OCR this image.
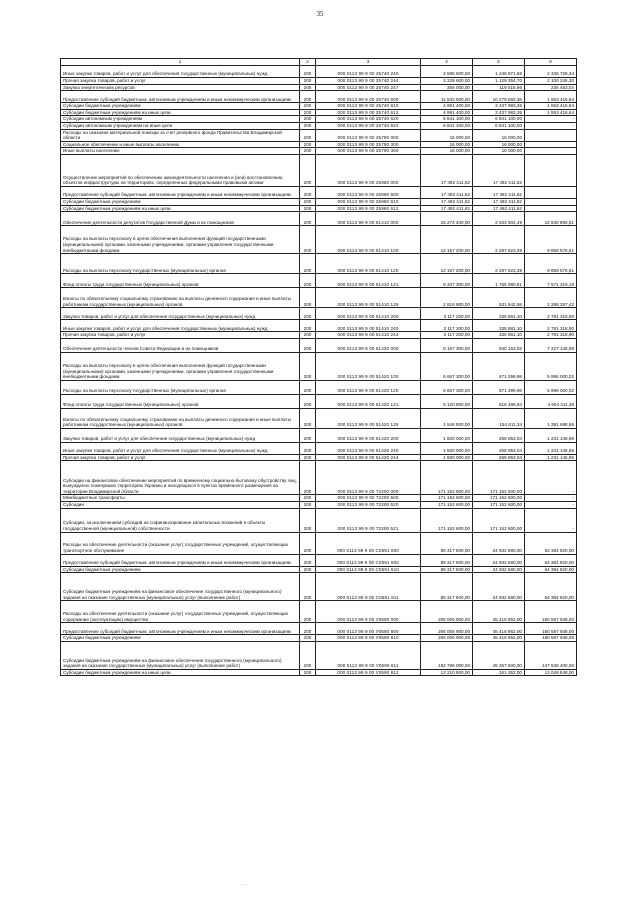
35
1	2	3	4	5	6
Иные закупки товаров, работ и услуг для обеспечения государственных (муниципальных) нужд	200	000 0113 99 9 00 25740 240	3 585 600,00	1 248 871,66	2 336 728,34
Прочая закупка товаров, работ и услуг	200	000 0113 99 9 00 25740 244	3 229 600,00	1 129 354,70	2 100 245,30
Закупка энергетических ресурсов	200	000 0113 99 9 00 25740 247	356 000,00	119 516,96	236 483,04
Предоставление субсидий бюджетным, автономным учреждениям и иным некоммерческим организациям	200	000 0113 99 9 00 25740 600	11 832 500,00	10 279 083,36	1 553 416,64
Субсидии бюджетным учреждениям	200	000 0113 99 9 00 25740 610	4 991 400,00	3 437 983,36	1 553 416,64
Субсидии бюджетным учреждениям на иные цели	200	000 0113 99 9 00 25740 612	4 991 400,00	3 437 983,36	1 553 416,64
Субсидии автономным учреждениям	200	000 0113 99 9 00 25740 620	6 841 100,00	6 841 100,00	-
Субсидии автономным учреждениям на иные цели	200	000 0113 99 9 00 25740 622	6 841 100,00	6 841 100,00	-
Расходы на оказание материальной помощи за счет резервного фонда Правительства Владимирской области	200	000 0113 99 9 00 25790 000	16 000,00	16 000,00	
Социальное обеспечение и иные выплаты населению	200	000 0113 99 9 00 25790 300	16 000,00	16 000,00	
Иные выплаты населению	200	000 0113 99 9 00 25790 360	16 000,00	16 000,00	
Осуществление мероприятий по обеспечению жизнедеятельности населения и (или) восстановлению объектов инфраструктуры на территориях, определенных федеральными правовыми актами	200	000 0113 99 9 00 25960 000	17 492 411,62	17 492 411,62	
Предоставление субсидий бюджетным, автономным учреждениям и иным некоммерческим организациям	200	000 0113 99 9 00 25960 600	17 492 411,62	17 492 411,62	
Субсидии бюджетным учреждениям	200	000 0113 99 9 00 25960 610	17 492 411,62	17 492 411,62	
Субсидии бюджетным учреждениям на иные цели	200	000 0113 99 9 00 25960 612	17 492 411,62	17 492 411,62	
Обеспечение деятельности депутатов Государственной Думы и их помощников	200	000 0113 99 9 00 51410 000	15 274 400,00	2 633 504,49	12 640 895,51
Расходы на выплаты персоналу в целях обеспечения выполнения функций государственными (муниципальными) органами, казенными учреждениями, органами управления государственными внебюджетными фондами	200	000 0113 99 9 00 51410 100	12 157 200,00	2 297 623,39	9 859 576,61
Расходы на выплаты персоналу государственных (муниципальных) органов	200	000 0113 99 9 00 51410 120	12 157 200,00	2 297 623,39	9 859 576,61
Фонд оплаты труда государственных (муниципальных) органов	200	000 0113 99 9 00 51410 121	9 337 300,00	1 765 980,81	7 571 319,19
Взносы по обязательному социальному страхованию на выплаты денежного содержания и иные выплаты работникам государственных (муниципальных) органов	200	000 0113 99 9 00 51410 129	2 819 900,00	531 642,58	2 288 257,42
Закупка товаров, работ и услуг для обеспечения государственных (муниципальных) нужд	200	000 0113 99 9 00 51410 200	3 117 200,00	335 881,10	2 781 318,90
Иные закупки товаров, работ и услуг для обеспечения государственных (муниципальных) нужд	200	000 0113 99 9 00 51410 240	3 117 200,00	335 881,10	2 781 318,90
Прочая закупка товаров, работ и услуг	200	000 0113 99 9 00 51410 244	3 117 200,00	335 881,10	2 781 318,90
Обеспечение деятельности членов Совета Федерации и их помощников	200	000 0113 99 9 00 51420 000	8 167 300,00	940 153,02	7 227 146,98
Расходы на выплаты персоналу в целях обеспечения выполнения функций государственными (муниципальными) органами, казенными учреждениями, органами управления государственными внебюджетными фондами	200	000 0113 99 9 00 51420 100	6 667 300,00	671 299,98	5 996 000,02
Расходы на выплаты персоналу государственных (муниципальных) органов	200	000 0113 99 9 00 51420 120	6 667 300,00	671 299,98	5 996 000,02
Фонд оплаты труда государственных (муниципальных) органов	200	000 0113 99 9 00 51420 121	5 120 800,00	516 488,64	4 604 311,36
Взносы по обязательному социальному страхованию на выплаты денежного содержания и иные выплаты работникам государственных (муниципальных) органов	200	000 0113 99 9 00 51420 129	1 546 500,00	154 811,34	1 391 688,66
Закупка товаров, работ и услуг для обеспечения государственных (муниципальных) нужд	200	000 0113 99 9 00 51420 200	1 500 000,00	268 853,04	1 231 146,96
Иные закупки товаров, работ и услуг для обеспечения государственных (муниципальных) нужд	200	000 0113 99 9 00 51420 240	1 500 000,00	268 853,04	1 231 146,96
Прочая закупка товаров, работ и услуг	200	000 0113 99 9 00 51420 244	1 500 000,00	268 853,04	1 231 146,96
Субсидии на финансовое обеспечение мероприятий по временному социально-бытовому обустройству лиц, вынужденно покинувших территорию Украины и находящихся в пунктах временного размещения на территории Владимирской области	200	000 0113 99 9 00 72200 000	171 152 600,00	171 152 600,00	-
Межбюджетные трансферты	200	000 0113 99 9 00 72200 500	171 152 600,00	171 152 600,00	-
Субсидии	200	000 0113 99 9 00 72200 520	171 152 600,00	171 152 600,00	-
Субсидии, за исключением субсидий на софинансирование капитальных вложений в объекты государственной (муниципальной) собственности	200	000 0113 99 9 00 72200 521	171 152 600,00	171 152 600,00	-
Расходы на обеспечение деятельности (оказание услуг) государственных учреждений, осуществляющих транспортное обслуживание	200	000 0113 99 9 00 С0591 000	89 317 600,00	24 932 680,00	64 384 920,00
Предоставление субсидий бюджетным, автономным учреждениям и иным некоммерческим организациям	200	000 0113 99 9 00 С0591 600	89 317 600,00	24 932 680,00	64 384 920,00
Субсидии бюджетным учреждениям	200	000 0113 99 9 00 С0591 610	89 317 600,00	24 932 680,00	64 384 920,00
Субсидии бюджетным учреждениям на финансовое обеспечение государственного (муниципального) задания на оказание государственных (муниципальных) услуг (выполнение работ)	200	000 0113 99 9 00 С0591 611	89 317 600,00	24 932 680,00	64 384 920,00
Расходы на обеспечение деятельности (оказание услуг) государственных учреждений, осуществляющих содержание (эксплуатацию) имущества	200	000 0113 99 9 00 У0590 000	206 006 900,00	45 418 952,00	160 587 948,00
Предоставление субсидий бюджетным, автономным учреждениям и иным некоммерческим организациям	200	000 0113 99 9 00 У0590 600	206 006 900,00	45 418 952,00	160 587 948,00
Субсидии бюджетным учреждениям	200	000 0113 99 9 00 У0590 610	206 006 900,00	45 418 952,00	160 587 948,00
Субсидии бюджетным учреждениям на финансовое обеспечение государственного (муниципального) задания на оказание государственных (муниципальных) услуг (выполнение работ)	200	000 0113 99 9 00 У0590 611	192 796 000,00	45 257 600,00	147 538 400,00
Субсидии бюджетным учреждениям на иные цели	200	000 0113 99 9 00 У0590 612	13 210 900,00	161 352,00	13 049 548,00
· · ·
